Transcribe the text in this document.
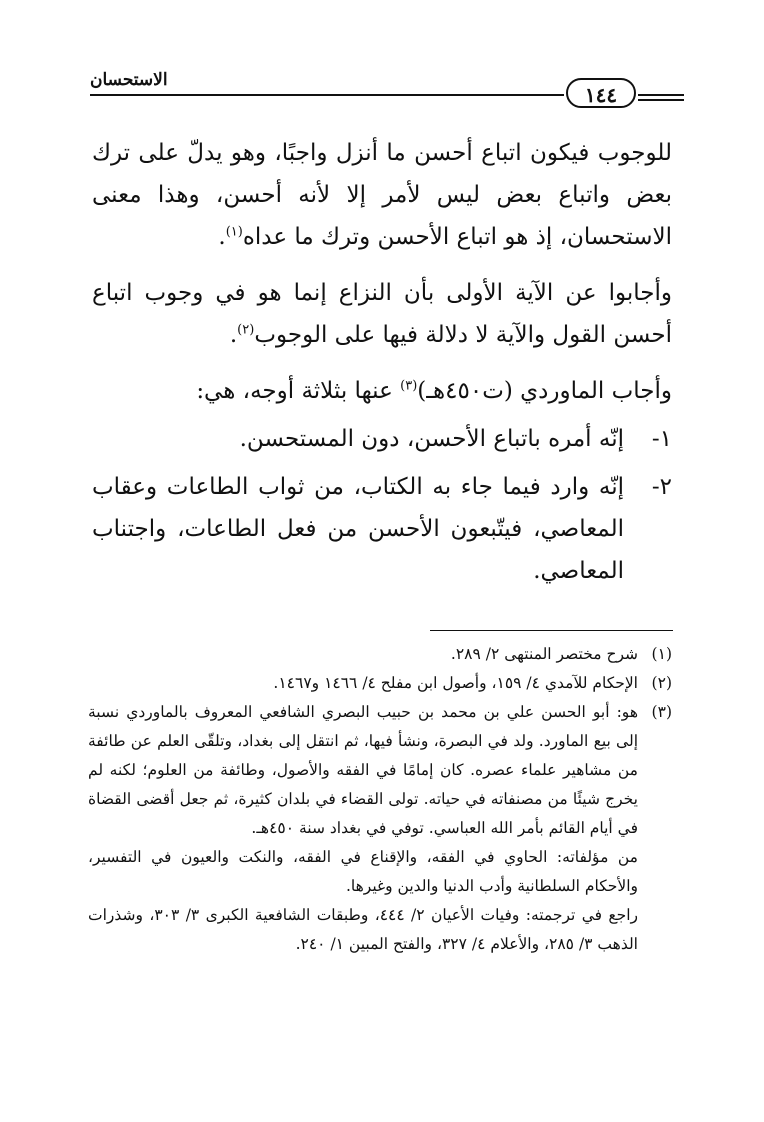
الاستحسان
١٤٤

للوجوب فيكون اتباع أحسن ما أنزل واجبًا، وهو يدلّ على ترك بعض واتباع بعض ليس لأمر إلا لأنه أحسن، وهذا معنى الاستحسان، إذ هو اتباع الأحسن وترك ما عداه$^{(١)}$.

وأجابوا عن الآية الأولى بأن النزاع إنما هو في وجوب اتباع أحسن القول والآية لا دلالة فيها على الوجوب$^{(٢)}$.

وأجاب الماوردي (ت٤٥٠هـ)$^{(٣)}$ عنها بثلاثة أوجه، هي:

١-
إنّه أمره باتباع الأحسن، دون المستحسن.
٢-
إنّه وارد فيما جاء به الكتاب، من ثواب الطاعات وعقاب المعاصي، فيتّبعون الأحسن من فعل الطاعات، واجتناب المعاصي.
(١)

شرح مختصر المنتهى ٢/ ٢٨٩.

(٢)

الإحكام للآمدي ٤/ ١٥٩، وأصول ابن مفلح ٤/ ١٤٦٦ و١٤٦٧.

(٣)

هو: أبو الحسن علي بن محمد بن حبيب البصري الشافعي المعروف بالماوردي نسبة إلى بيع الماورد. ولد في البصرة، ونشأ فيها، ثم انتقل إلى بغداد، وتلقّى العلم عن طائفة من مشاهير علماء عصره. كان إمامًا في الفقه والأصول، وطائفة من العلوم؛ لكنه لم يخرج شيئًا من مصنفاته في حياته. تولى القضاء في بلدان كثيرة، ثم جعل أقضى القضاة في أيام القائم بأمر الله العباسي. توفي في بغداد سنة ٤٥٠هـ.

من مؤلفاته: الحاوي في الفقه، والإقناع في الفقه، والنكت والعيون في التفسير، والأحكام السلطانية وأدب الدنيا والدين وغيرها.

راجع في ترجمته: وفيات الأعيان ٢/ ٤٤٤، وطبقات الشافعية الكبرى ٣/ ٣٠٣، وشذرات الذهب ٣/ ٢٨٥، والأعلام ٤/ ٣٢٧، والفتح المبين ١/ ٢٤٠.
